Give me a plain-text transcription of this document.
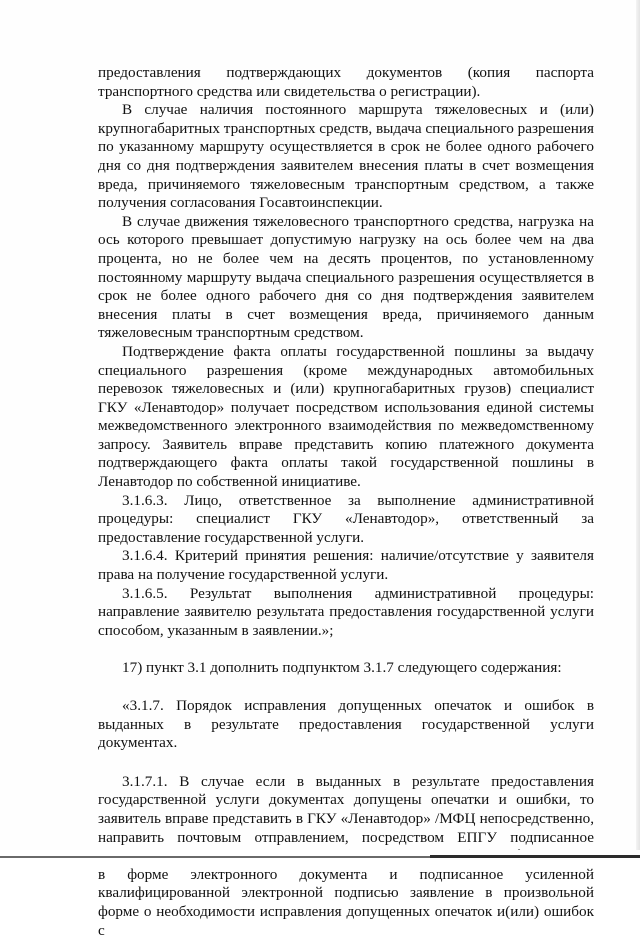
предоставления подтверждающих документов (копия паспорта транспортного средства или свидетельства о регистрации).

В случае наличия постоянного маршрута тяжеловесных и (или) крупногабаритных транспортных средств, выдача специального разрешения по указанному маршруту осуществляется в срок не более одного рабочего дня со дня подтверждения заявителем внесения платы в счет возмещения вреда, причиняемого тяжеловесным транспортным средством, а также получения согласования Госавтоинспекции.

В случае движения тяжеловесного транспортного средства, нагрузка на ось которого превышает допустимую нагрузку на ось более чем на два процента, но не более чем на десять процентов, по установленному постоянному маршруту выдача специального разрешения осуществляется в срок не более одного рабочего дня со дня подтверждения заявителем внесения платы в счет возмещения вреда, причиняемого данным тяжеловесным транспортным средством.

Подтверждение факта оплаты государственной пошлины за выдачу специального разрешения (кроме международных автомобильных перевозок тяжеловесных и (или) крупногабаритных грузов) специалист ГКУ «Ленавтодор» получает посредством использования единой системы межведомственного электронного взаимодействия по межведомственному запросу. Заявитель вправе представить копию платежного документа подтверждающего факта оплаты такой государственной пошлины в Ленавтодор по собственной инициативе.

3.1.6.3. Лицо, ответственное за выполнение административной процедуры: специалист ГКУ «Ленавтодор», ответственный за предоставление государственной услуги.

3.1.6.4. Критерий принятия решения: наличие/отсутствие у заявителя права на получение государственной услуги.

3.1.6.5. Результат выполнения административной процедуры: направление заявителю результата предоставления государственной услуги способом, указанным в заявлении.»;

17) пункт 3.1 дополнить подпунктом 3.1.7 следующего содержания:

«3.1.7. Порядок исправления допущенных опечаток и ошибок в выданных в результате предоставления государственной услуги документах.

3.1.7.1. В случае если в выданных в результате предоставления государственной услуги документах допущены опечатки и ошибки, то заявитель вправе представить в ГКУ «Ленавтодор» /МФЦ непосредственно, направить почтовым отправлением, посредством ЕПГУ подписанное в форме электронного документа и подписанное усиленной квалифицированной электронной подписью заявление в произвольной форме о необходимости исправления допущенных опечаток и(или) ошибок с
